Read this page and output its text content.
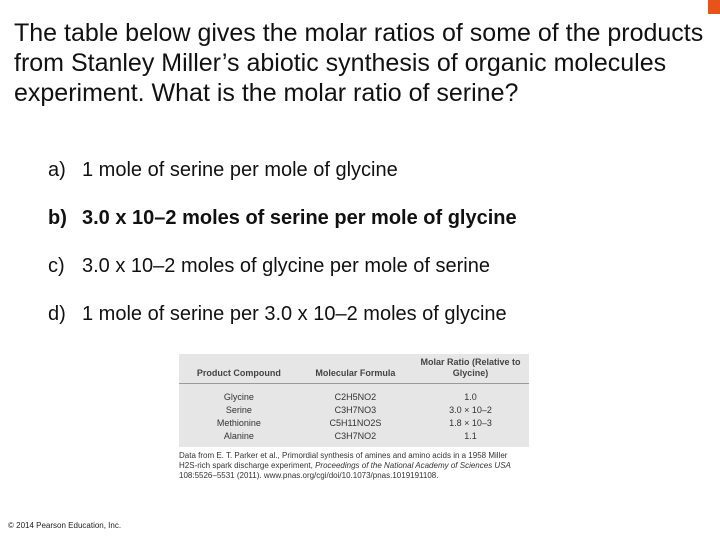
The table below gives the molar ratios of some of the products from Stanley Miller’s abiotic synthesis of organic molecules experiment. What is the molar ratio of serine?

a) 1 mole of serine per mole of glycine
b) 3.0 x 10–2 moles of serine per mole of glycine
c) 3.0 x 10–2 moles of glycine per mole of serine
d) 1 mole of serine per 3.0 x 10–2 moles of glycine
Product Compound	Molecular Formula	Molar Ratio (Relative to Glycine)
Glycine	C2H5NO2	1.0
Serine	C3H7NO3	3.0 × 10–2
Methionine	C5H11NO2S	1.8 × 10–3
Alanine	C3H7NO2	1.1

Data from E. T. Parker et al., Primordial synthesis of amines and amino acids in a 1958 Miller H2S-rich spark discharge experiment, Proceedings of the National Academy of Sciences USA 108:5526–5531 (2011). www.pnas.org/cgi/doi/10.1073/pnas.1019191108.

© 2014 Pearson Education, Inc.
